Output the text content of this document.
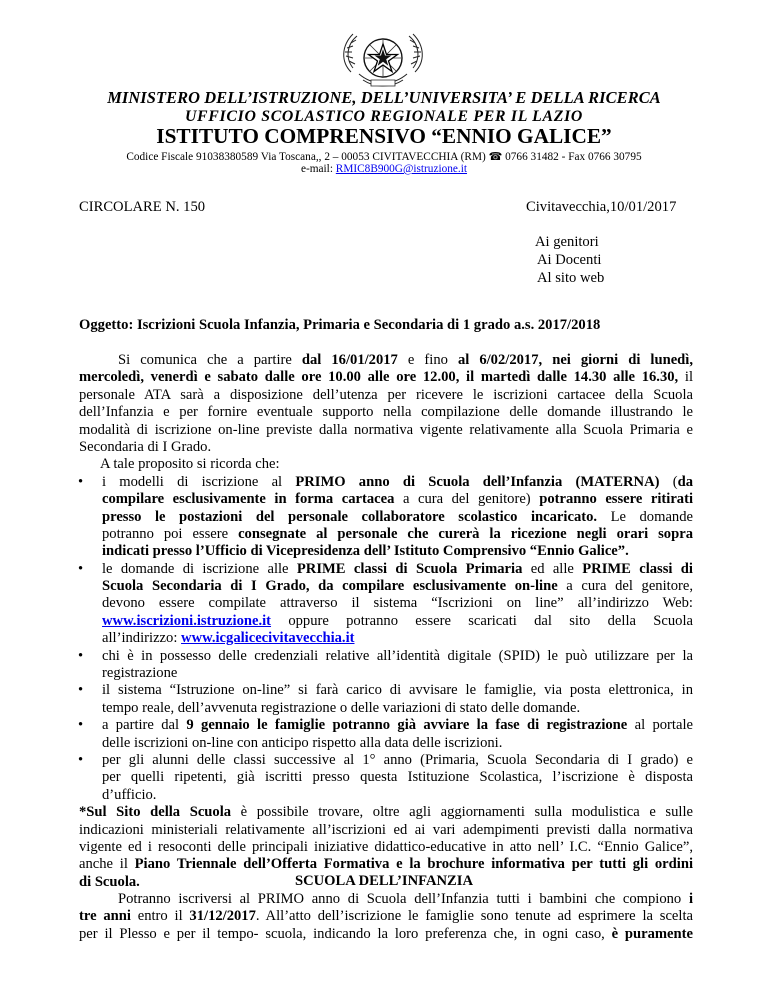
MINISTERO DELL’ISTRUZIONE, DELL’UNIVERSITA’ E DELLA RICERCA
UFFICIO SCOLASTICO REGIONALE PER IL LAZIO
ISTITUTO COMPRENSIVO “ENNIO GALICE”
Codice Fiscale 91038380589 Via Toscana,, 2 – 00053 CIVITAVECCHIA (RM) ☎ 0766 31482 - Fax 0766 30795
e-mail: RMIC8B900G@istruzione.it
CIRCOLARE N. 150	Civitavecchia,10/01/2017
Ai genitori
Ai Docenti
Al sito web
Oggetto: Iscrizioni Scuola Infanzia, Primaria e Secondaria di 1 grado a.s. 2017/2018

Si comunica che a partire dal 16/01/2017 e fino al 6/02/2017, nei giorni di lunedì,

mercoledì, venerdì e sabato dalle ore 10.00 alle ore 12.00, il martedì dalle 14.30 alle 16.30, il

personale ATA sarà a disposizione dell’utenza per ricevere le iscrizioni cartacee della Scuola

dell’Infanzia e per fornire eventuale supporto nella compilazione delle domande illustrando le

modalità di iscrizione on-line previste dalla normativa vigente relativamente alla Scuola Primaria e

Secondaria di I Grado.

A tale proposito si ricorda che:

• i modelli di iscrizione al PRIMO anno di Scuola dell’Infanzia (MATERNA) (da

compilare esclusivamente in forma cartacea a cura del genitore) potranno essere ritirati

presso le postazioni del personale collaboratore scolastico incaricato. Le domande

potranno poi essere consegnate al personale che curerà la ricezione negli orari sopra

indicati presso l’Ufficio di Vicepresidenza dell’ Istituto Comprensivo “Ennio Galice”.

• le domande di iscrizione alle PRIME classi di Scuola Primaria ed alle PRIME classi di

Scuola Secondaria di I Grado, da compilare esclusivamente on-line a cura del genitore,

devono essere compilate attraverso il sistema “Iscrizioni on line” all’indirizzo Web:

www.iscrizioni.istruzione.it oppure potranno essere scaricati dal sito della Scuola

all’indirizzo: www.icgalicecivitavecchia.it

• chi è in possesso delle credenziali relative all’identità digitale (SPID) le può utilizzare per la

registrazione

• il sistema “Istruzione on-line” si farà carico di avvisare le famiglie, via posta elettronica, in

tempo reale, dell’avvenuta registrazione o delle variazioni di stato delle domande.

• a partire dal 9 gennaio le famiglie potranno già avviare la fase di registrazione al portale

delle iscrizioni on-line con anticipo rispetto alla data delle iscrizioni.

• per gli alunni delle classi successive al 1° anno (Primaria, Scuola Secondaria di I grado) e

per quelli ripetenti, già iscritti presso questa Istituzione Scolastica, l’iscrizione è disposta

d’ufficio.

*Sul Sito della Scuola è possibile trovare, oltre agli aggiornamenti sulla modulistica e sulle

indicazioni ministeriali relativamente all’iscrizioni ed ai vari adempimenti previsti dalla normativa

vigente ed i resoconti delle principali iniziative didattico-educative in atto nell’ I.C. “Ennio Galice”,

anche il Piano Triennale dell’Offerta Formativa e la brochure informativa per tutti gli ordini

di Scuola.	SCUOLA DELL’INFANZIA

Potranno iscriversi al PRIMO anno di Scuola dell’Infanzia tutti i bambini che compiono i

tre anni entro il 31/12/2017. All’atto dell’iscrizione le famiglie sono tenute ad esprimere la scelta

per il Plesso e per il tempo- scuola, indicando la loro preferenza che, in ogni caso, è puramente
